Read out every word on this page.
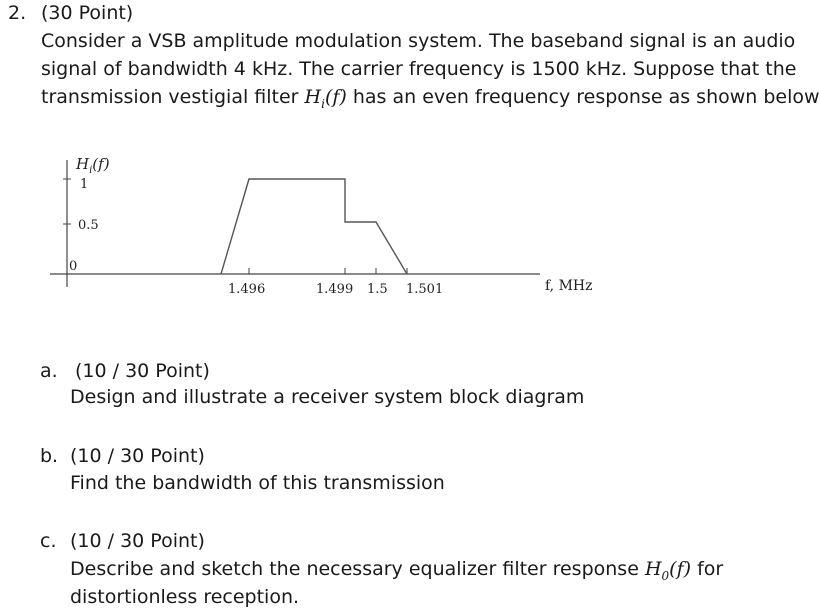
2. (30 Point)
Consider a VSB amplitude modulation system. The baseband signal is an audio
signal of bandwidth 4 kHz. The carrier frequency is 1500 kHz. Suppose that the
transmission vestigial filter $H_i(f)$ has an even frequency response as shown below
$H_i(f)$
1
0.5
0
1.496	1.499 1.5 1.501	f, MHz
a. (10 / 30 Point)
Design and illustrate a receiver system block diagram
b. (10 / 30 Point)
Find the bandwidth of this transmission
c. (10 / 30 Point)
Describe and sketch the necessary equalizer filter response $H_0(f)$ for
distortionless reception.
